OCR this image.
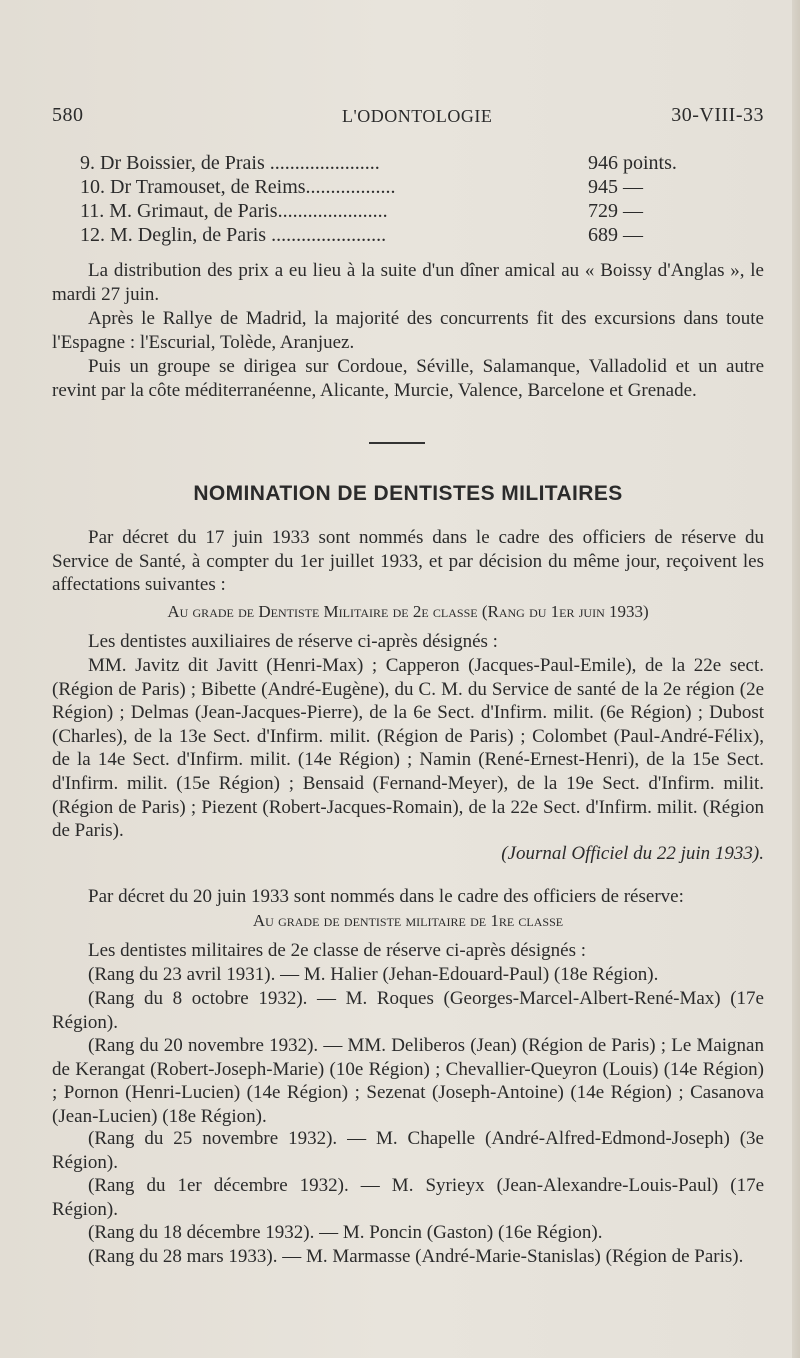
580	L'ODONTOLOGIE	30-VIII-33
9. Dr Boissier, de Prais ......................	946 points.
10. Dr Tramouset, de Reims..................	945 —
11. M. Grimaut, de Paris......................	729 —
12. M. Deglin, de Paris .......................	689 —

La distribution des prix a eu lieu à la suite d'un dîner amical au « Boissy d'Anglas », le mardi 27 juin.

Après le Rallye de Madrid, la majorité des concurrents fit des excursions dans toute l'Espagne : l'Escurial, Tolède, Aranjuez.

Puis un groupe se dirigea sur Cordoue, Séville, Salamanque, Valladolid et un autre revint par la côte méditerranéenne, Alicante, Murcie, Valence, Barcelone et Grenade.

NOMINATION DE DENTISTES MILITAIRES

Par décret du 17 juin 1933 sont nommés dans le cadre des officiers de réserve du Service de Santé, à compter du 1er juillet 1933, et par décision du même jour, reçoivent les affectations suivantes :

Au grade de Dentiste Militaire de 2e classe (Rang du 1er juin 1933)

Les dentistes auxiliaires de réserve ci-après désignés :

MM. Javitz dit Javitt (Henri-Max) ; Capperon (Jacques-Paul-Emile), de la 22e sect. (Région de Paris) ; Bibette (André-Eugène), du C. M. du Service de santé de la 2e région (2e Région) ; Delmas (Jean-Jacques-Pierre), de la 6e Sect. d'Infirm. milit. (6e Région) ; Dubost (Charles), de la 13e Sect. d'Infirm. milit. (Région de Paris) ; Colombet (Paul-André-Félix), de la 14e Sect. d'Infirm. milit. (14e Région) ; Namin (René-Ernest-Henri), de la 15e Sect. d'Infirm. milit. (15e Région) ; Bensaid (Fernand-Meyer), de la 19e Sect. d'Infirm. milit. (Région de Paris) ; Piezent (Robert-Jacques-Romain), de la 22e Sect. d'Infirm. milit. (Région de Paris).

(Journal Officiel du 22 juin 1933).

Par décret du 20 juin 1933 sont nommés dans le cadre des officiers de réserve:

Au grade de dentiste militaire de 1re classe

Les dentistes militaires de 2e classe de réserve ci-après désignés :

(Rang du 23 avril 1931). — M. Halier (Jehan-Edouard-Paul) (18e Région).

(Rang du 8 octobre 1932). — M. Roques (Georges-Marcel-Albert-René-Max) (17e Région).

(Rang du 20 novembre 1932). — MM. Deliberos (Jean) (Région de Paris) ; Le Maignan de Kerangat (Robert-Joseph-Marie) (10e Région) ; Chevallier-Queyron (Louis) (14e Région) ; Pornon (Henri-Lucien) (14e Région) ; Sezenat (Joseph-Antoine) (14e Région) ; Casanova (Jean-Lucien) (18e Région).

(Rang du 25 novembre 1932). — M. Chapelle (André-Alfred-Edmond-Joseph) (3e Région).

(Rang du 1er décembre 1932). — M. Syrieyx (Jean-Alexandre-Louis-Paul) (17e Région).

(Rang du 18 décembre 1932). — M. Poncin (Gaston) (16e Région).

(Rang du 28 mars 1933). — M. Marmasse (André-Marie-Stanislas) (Région de Paris).
